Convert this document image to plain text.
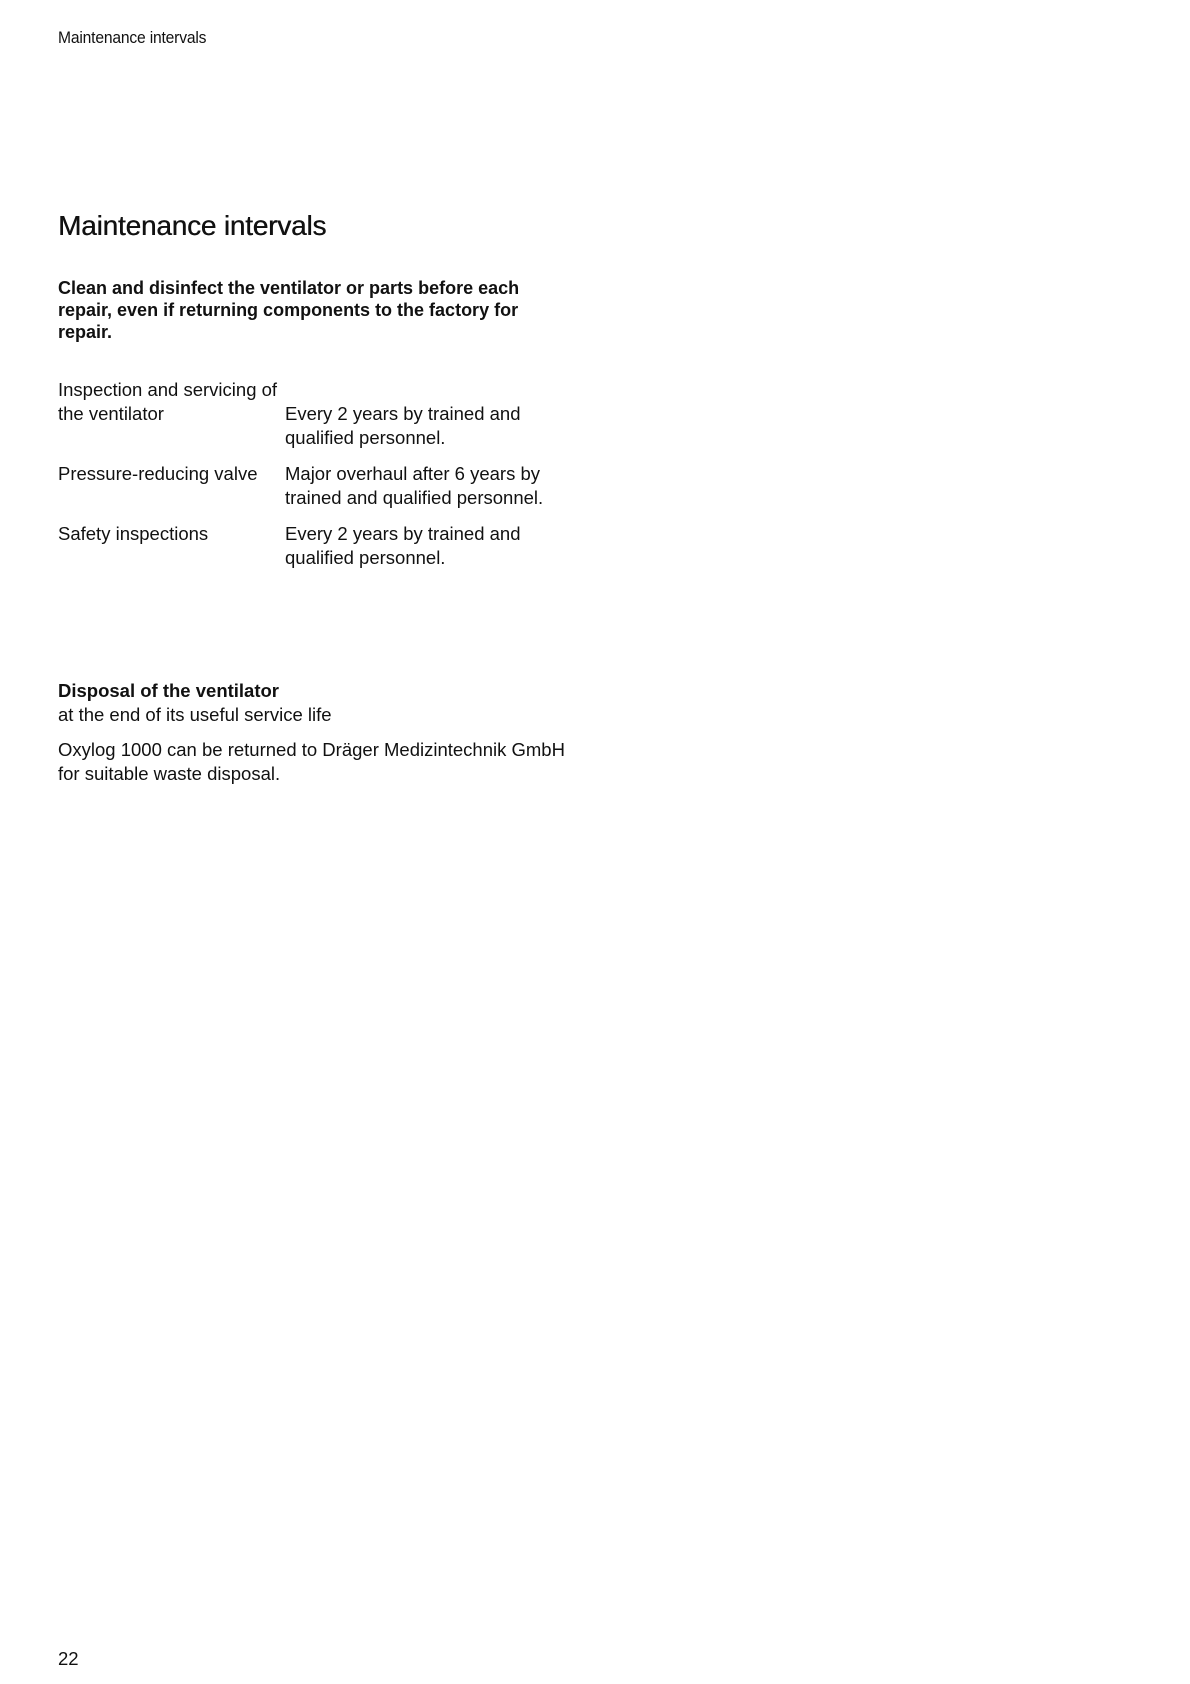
Maintenance intervals
Maintenance intervals

Clean and disinfect the ventilator or parts before each repair, even if returning components to the factory for repair.

Inspection and servicing of the ventilator	Every 2 years by trained and qualified personnel.
Pressure-reducing valve	Major overhaul after 6 years by trained and qualified personnel.
Safety inspections	Every 2 years by trained and qualified personnel.

Disposal of the ventilator

at the end of its useful service life

Oxylog 1000 can be returned to Dräger Medizintechnik GmbH for suitable waste disposal.

22
